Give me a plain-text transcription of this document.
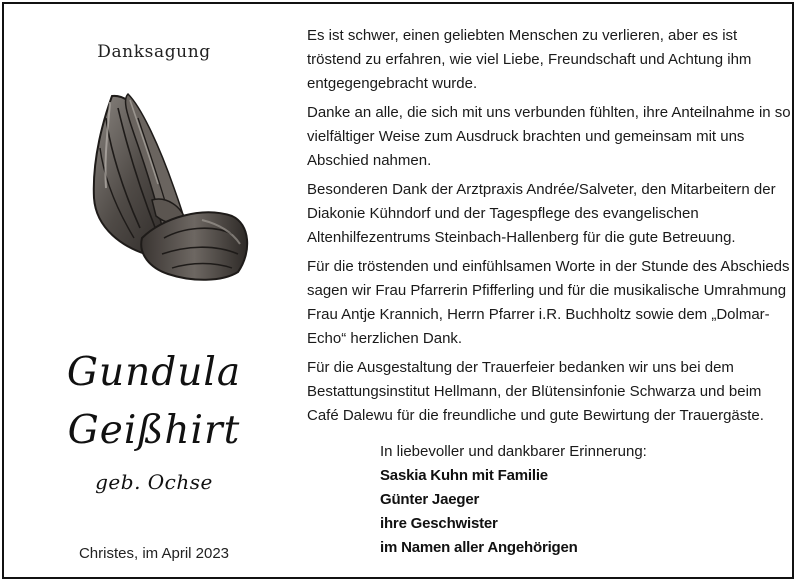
Danksagung
Gundula
Geißhirt
geb. Ochse
Christes, im April 2023

Es ist schwer, einen geliebten Menschen zu verlieren, aber es ist tröstend zu erfahren, wie viel Liebe, Freundschaft und Achtung ihm entgegengebracht wurde.

Danke an alle, die sich mit uns verbunden fühlten, ihre Anteilnahme in so vielfältiger Weise zum Ausdruck brachten und gemeinsam mit uns Abschied nahmen.

Besonderen Dank der Arztpraxis Andrée/Salveter, den Mitarbeitern der Diakonie Kühndorf und der Tagespflege des evangelischen Altenhilfezentrums Steinbach-Hallenberg für die gute Betreuung.

Für die tröstenden und einfühlsamen Worte in der Stunde des Abschieds sagen wir Frau Pfarrerin Pfifferling und für die musikalische Umrahmung Frau Antje Krannich, Herrn Pfarrer i.R. Buchholtz sowie dem „Dolmar-Echo“ herzlichen Dank.

Für die Ausgestaltung der Trauerfeier bedanken wir uns bei dem Bestattungsinstitut Hellmann, der Blütensinfonie Schwarza und beim Café Dalewu für die freundliche und gute Bewirtung der Trauergäste.

In liebevoller und dankbarer Erinnerung:
Saskia Kuhn mit Familie
Günter Jaeger
ihre Geschwister
im Namen aller Angehörigen
